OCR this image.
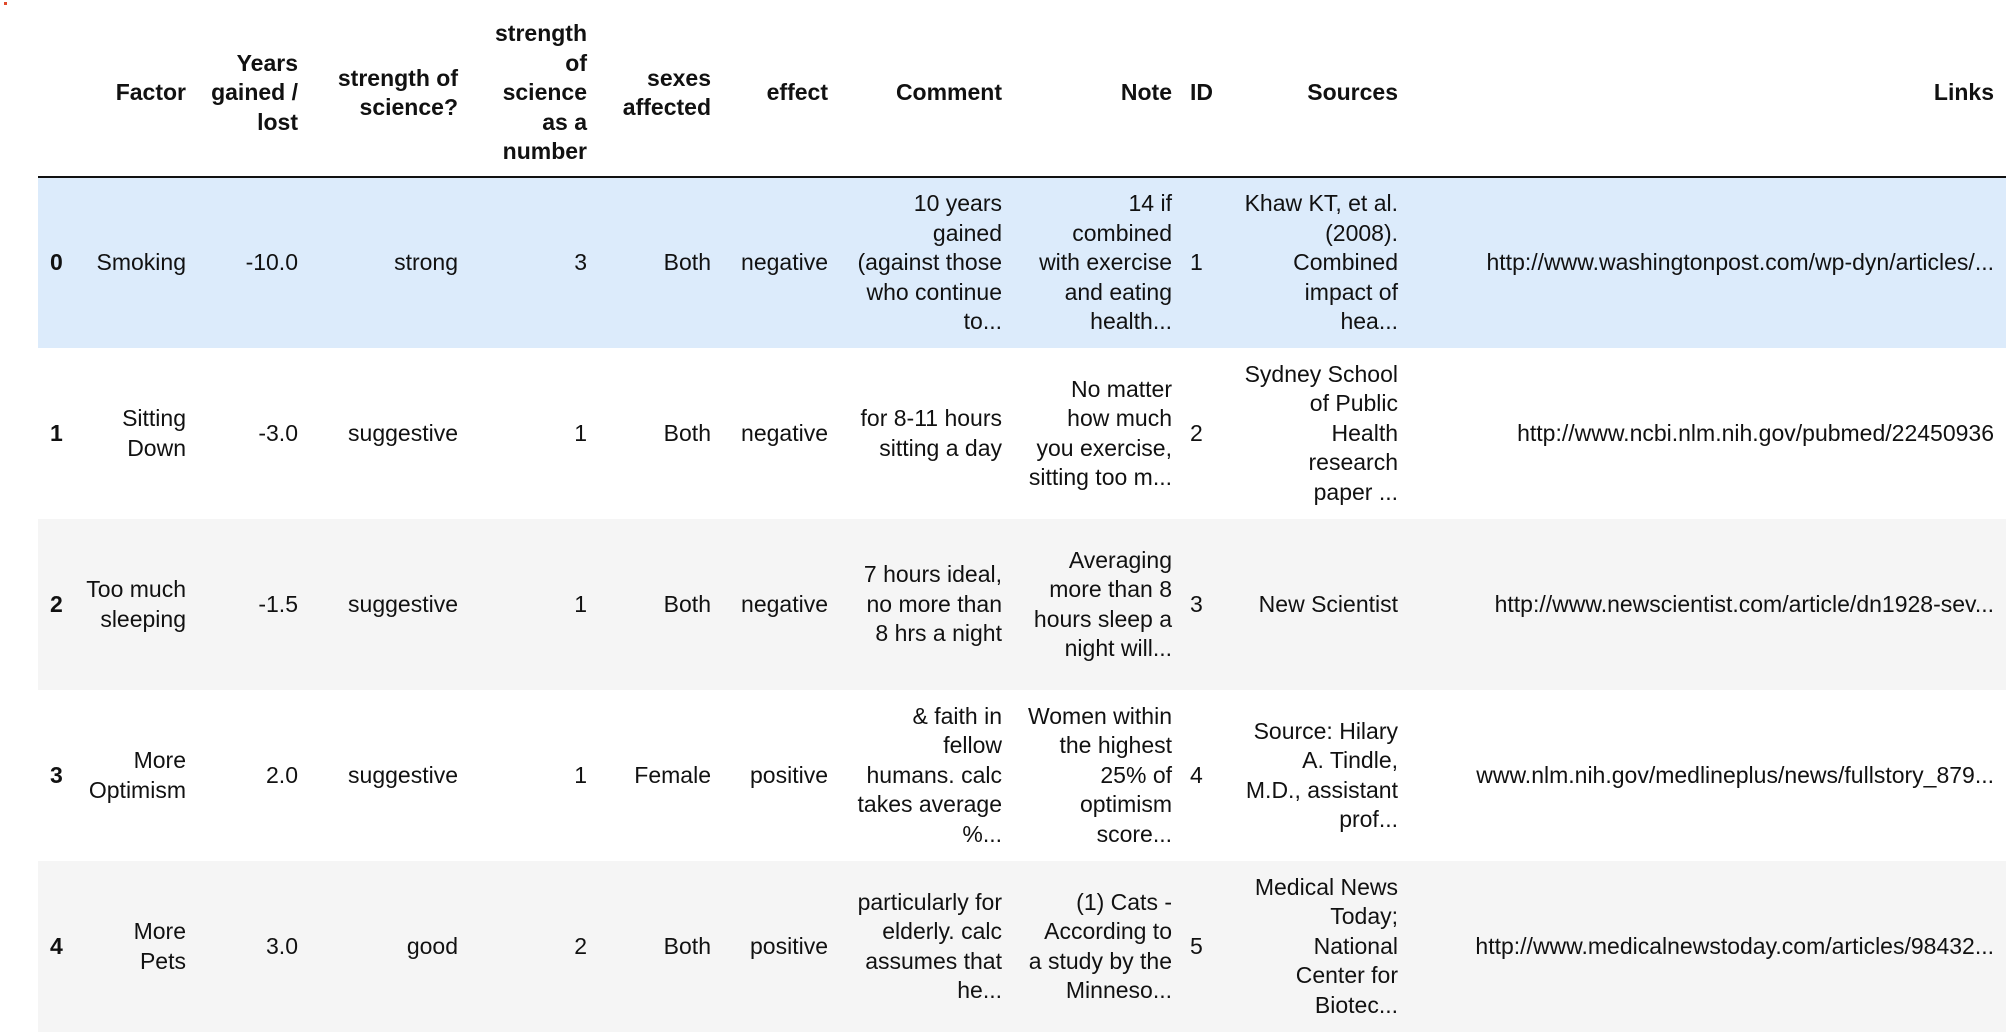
	Factor	Years gained / lost	strength of science?	strength of science as a number	sexes affected	effect	Comment	Note	ID	Sources	Links
0	Smoking	-10.0	strong	3	Both	negative	10 years gained (against those who continue to...	14 if combined with exercise and eating health...	1	Khaw KT, et al. (2008). Combined impact of hea...	http://www.washingtonpost.com/wp-dyn/articles/...
1	Sitting Down	-3.0	suggestive	1	Both	negative	for 8-11 hours sitting a day	No matter how much you exercise, sitting too m...	2	Sydney School of Public Health research paper ...	http://www.ncbi.nlm.nih.gov/pubmed/22450936
2	Too much sleeping	-1.5	suggestive	1	Both	negative	7 hours ideal, no more than 8 hrs a night	Averaging more than 8 hours sleep a night will...	3	New Scientist	http://www.newscientist.com/article/dn1928-sev...
3	More Optimism	2.0	suggestive	1	Female	positive	& faith in fellow humans. calc takes average %...	Women within the highest 25% of optimism score...	4	Source: Hilary A. Tindle, M.D., assistant prof...	www.nlm.nih.gov/medlineplus/news/fullstory_879...
4	More Pets	3.0	good	2	Both	positive	particularly for elderly. calc assumes that he...	(1) Cats - According to a study by the Minneso...	5	Medical News Today; National Center for Biotec...	http://www.medicalnewstoday.com/articles/98432...
